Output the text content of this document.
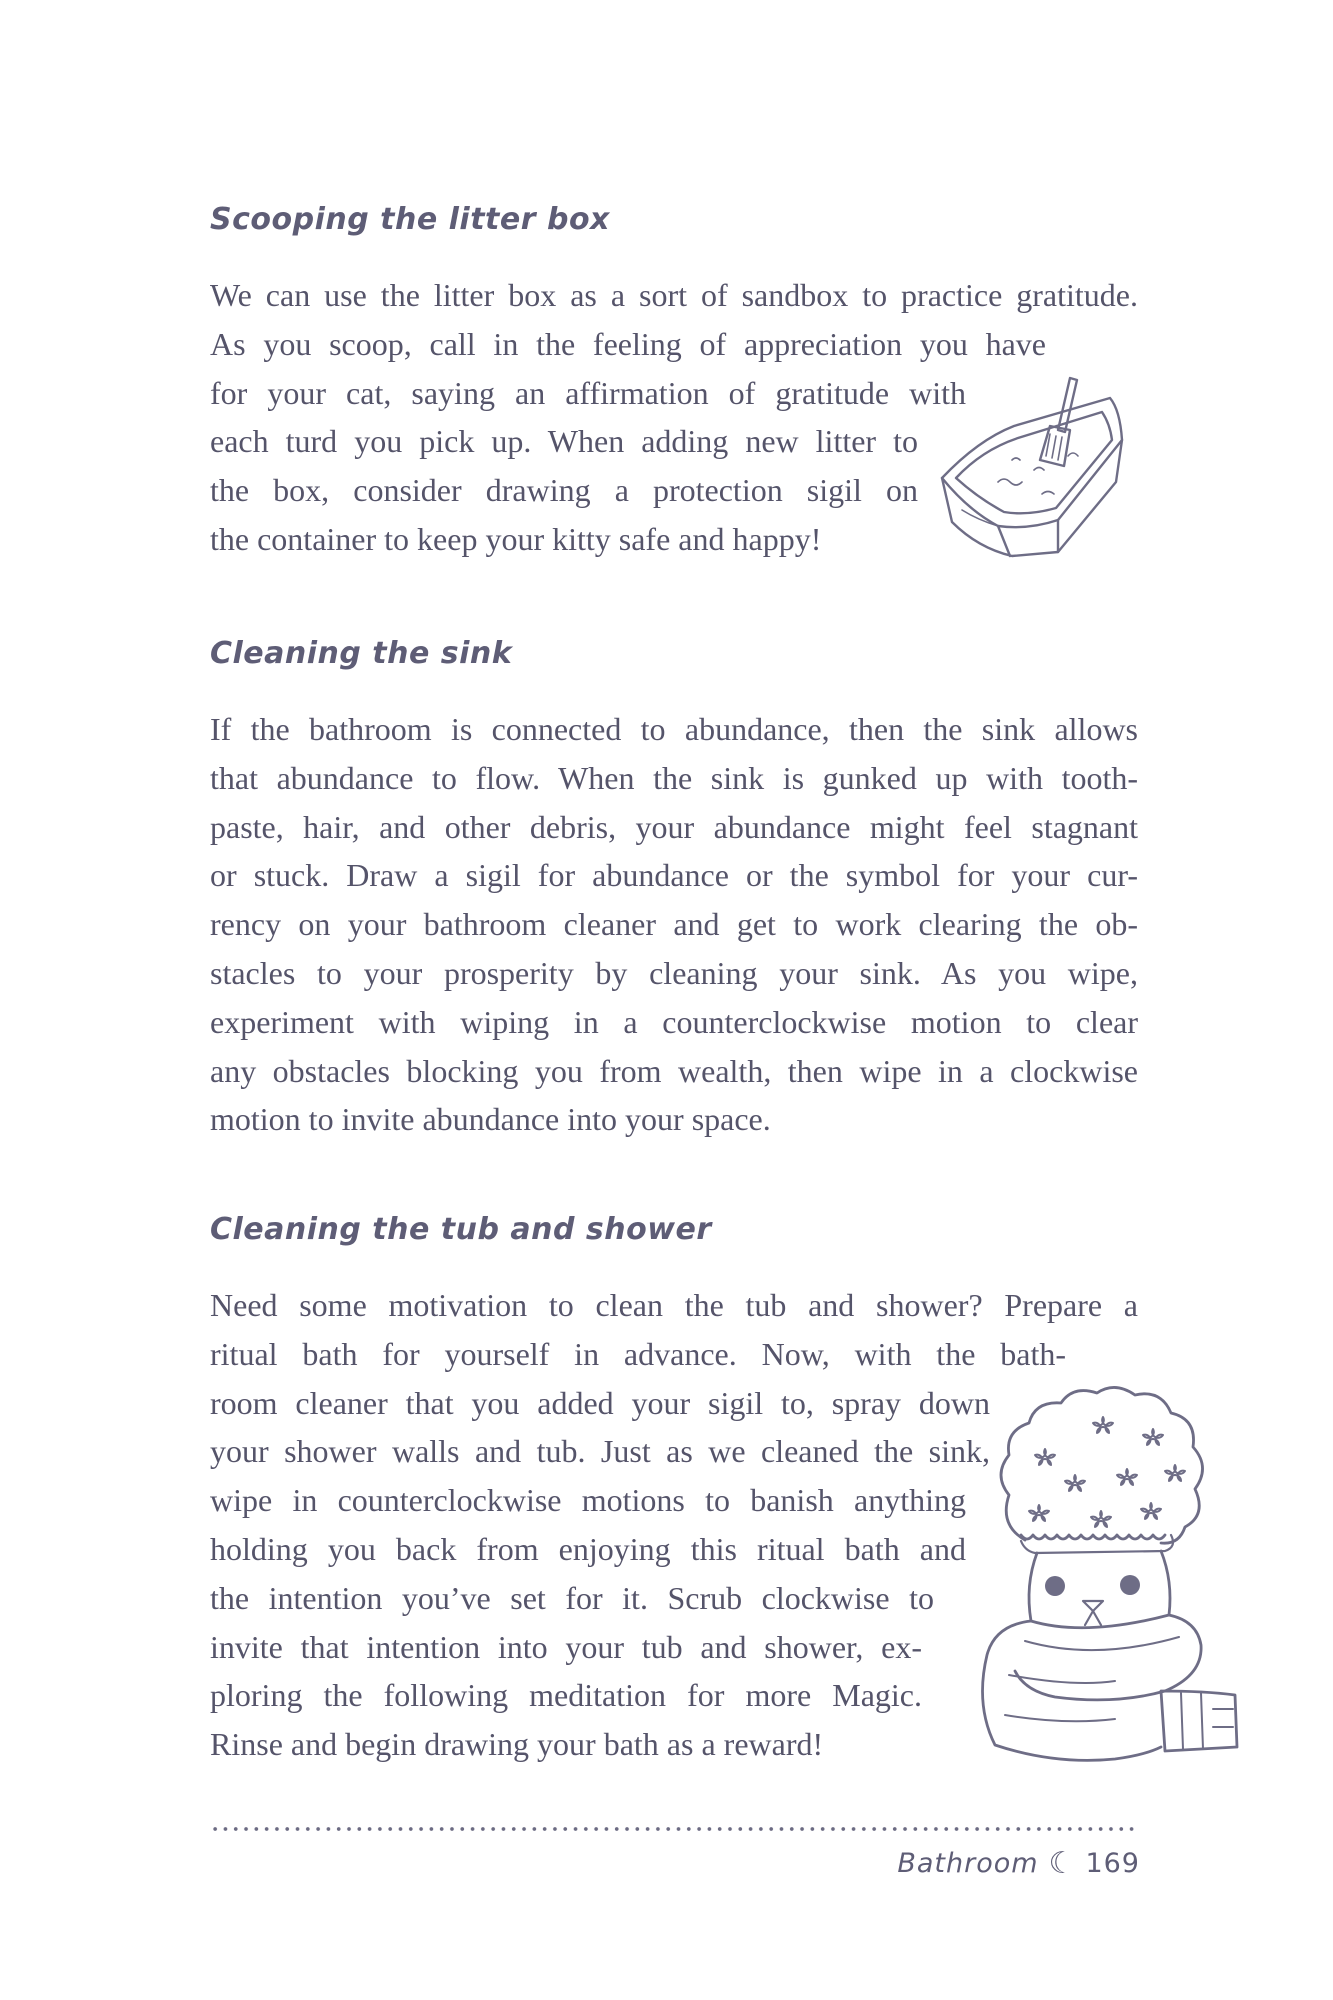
Scooping the litter box
We can use the litter box as a sort of sandbox to practice gratitude.
As you scoop, call in the feeling of appreciation you have
for your cat, saying an affirmation of gratitude with
each turd you pick up. When adding new litter to
the box, consider drawing a protection sigil on
the container to keep your kitty safe and happy!
Cleaning the sink
If the bathroom is connected to abundance, then the sink allows
that abundance to flow. When the sink is gunked up with tooth-
paste, hair, and other debris, your abundance might feel stagnant
or stuck. Draw a sigil for abundance or the symbol for your cur-
rency on your bathroom cleaner and get to work clearing the ob-
stacles to your prosperity by cleaning your sink. As you wipe,
experiment with wiping in a counterclockwise motion to clear
any obstacles blocking you from wealth, then wipe in a clockwise
motion to invite abundance into your space.
Cleaning the tub and shower
Need some motivation to clean the tub and shower? Prepare a
ritual bath for yourself in advance. Now, with the bath-
room cleaner that you added your sigil to, spray down
your shower walls and tub. Just as we cleaned the sink,
wipe in counterclockwise motions to banish anything
holding you back from enjoying this ritual bath and
the intention you’ve set for it. Scrub clockwise to
invite that intention into your tub and shower, ex-
ploring the following meditation for more Magic.
Rinse and begin drawing your bath as a reward!
Bathroom ☾ 169
